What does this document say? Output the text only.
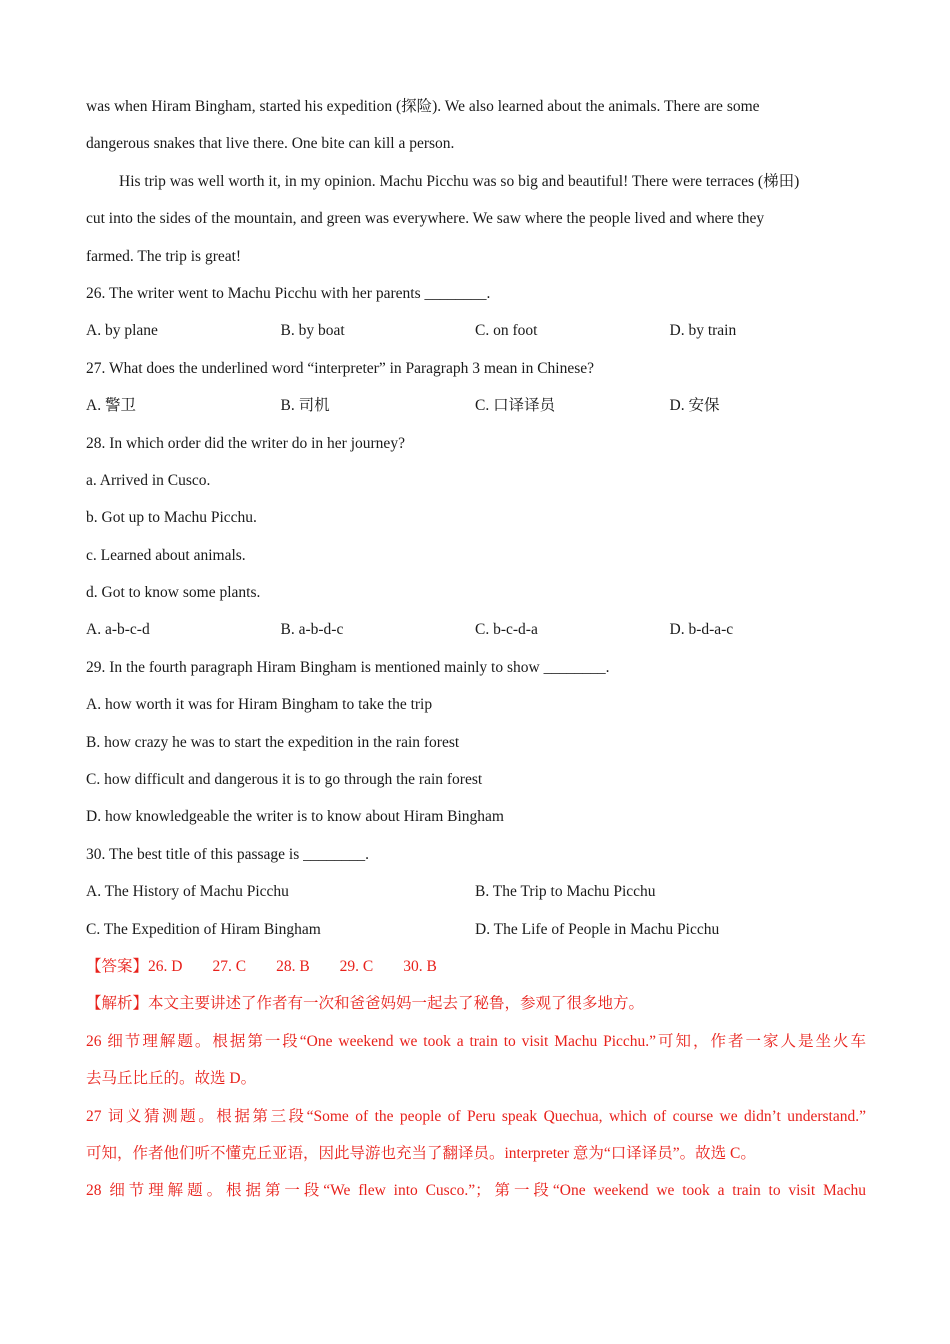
was when Hiram Bingham, started his expedition (探险). We also learned about the animals. There are some
dangerous snakes that live there. One bite can kill a person.
His trip was well worth it, in my opinion. Machu Picchu was so big and beautiful! There were terraces (梯田)
cut into the sides of the mountain, and green was everywhere. We saw where the people lived and where they
farmed. The trip is great!
26. The writer went to Machu Picchu with her parents ________.
A. by plane	B. by boat	C. on foot	D. by train
27. What does the underlined word “interpreter” in Paragraph 3 mean in Chinese?
A. 警卫	B. 司机	C. 口译译员	D. 安保
28. In which order did the writer do in her journey?
a. Arrived in Cusco.
b. Got up to Machu Picchu.
c. Learned about animals.
d. Got to know some plants.
A. a-b-c-d	B. a-b-d-c	C. b-c-d-a	D. b-d-a-c
29. In the fourth paragraph Hiram Bingham is mentioned mainly to show ________.
A. how worth it was for Hiram Bingham to take the trip
B. how crazy he was to start the expedition in the rain forest
C. how difficult and dangerous it is to go through the rain forest
D. how knowledgeable the writer is to know about Hiram Bingham
30. The best title of this passage is ________.
A. The History of Machu Picchu	B. The Trip to Machu Picchu
C. The Expedition of Hiram Bingham	D. The Life of People in Machu Picchu
【答案】26. D 27. C 28. B 29. C 30. B
【解析】本文主要讲述了作者有一次和爸爸妈妈一起去了秘鲁，参观了很多地方。
26 细节理解题。根据第一段“One weekend we took a train to visit Machu Picchu.”可知，作者一家人是坐火车
去马丘比丘的。故选 D。
27 词义猜测题。根据第三段“Some of the people of Peru speak Quechua, which of course we didn’t understand.”
可知，作者他们听不懂克丘亚语，因此导游也充当了翻译员。interpreter 意为“口译译员”。故选 C。
28 细节理解题。根据第一段“We flew into Cusco.”；第一段“One weekend we took a train to visit Machu
